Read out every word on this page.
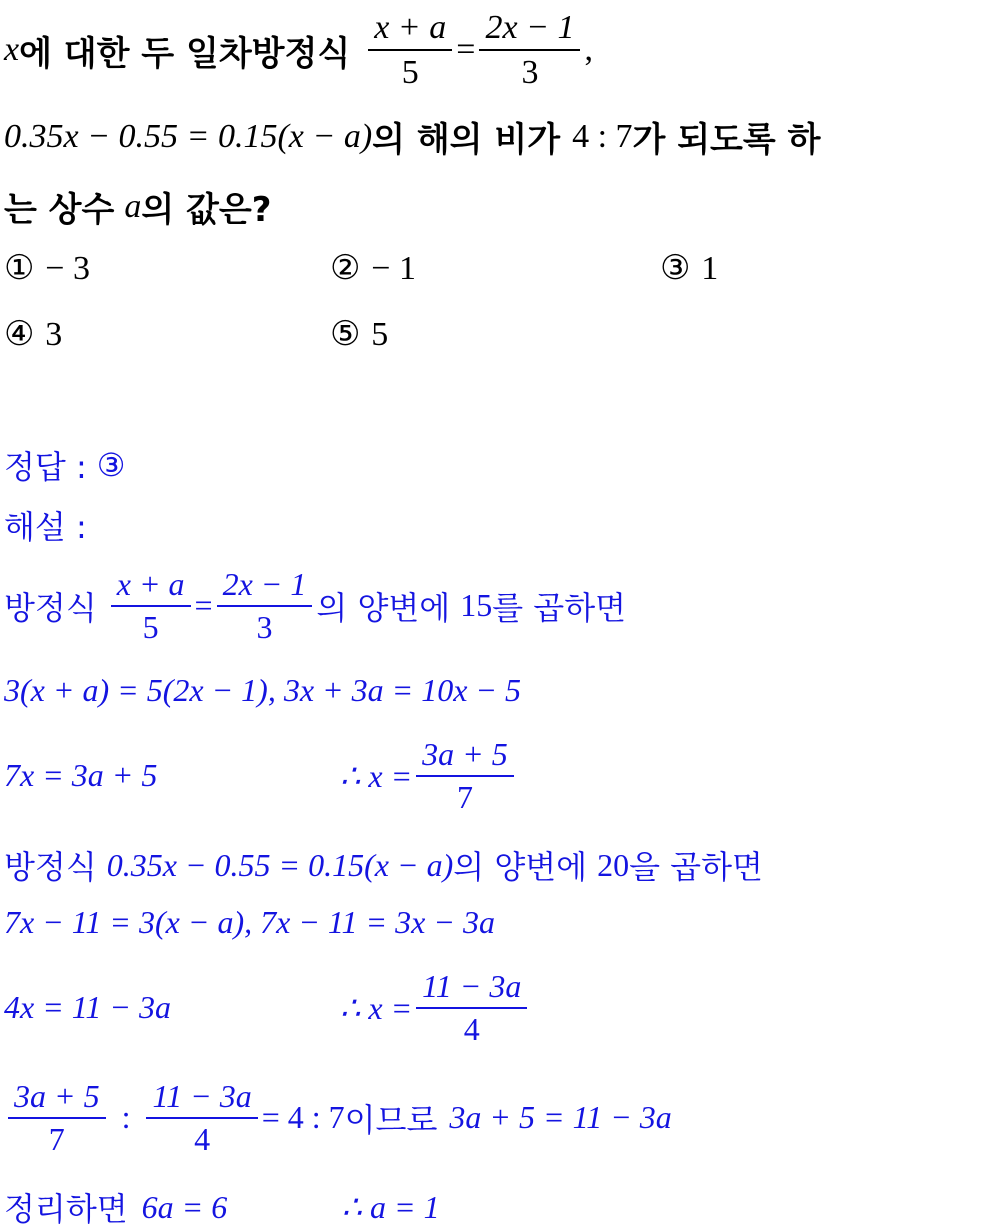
x 에 대한 두 일차방정식 $\frac{x + a}{5} = \frac{2x - 1}{3}$ ,
0.35x − 0.55 = 0.15(x − a) 의 해의 비가 4 : 7 가 되도록 하
는 상수 a 의 값은?
① − 3	② − 1	③ 1
④ 3	⑤ 5
정답 : ③
해설 :
방정식 $\frac{x + a}{5} = \frac{2x - 1}{3}$ 의 양변에 15 를 곱하면
3(x + a) = 5(2x − 1), 3x + 3a = 10x − 5
7x = 3a + 5	∴ $x = \frac{3a + 5}{7}$
방정식 0.35x − 0.55 = 0.15(x − a) 의 양변에 20 을 곱하면
7x − 11 = 3(x − a), 7x − 11 = 3x − 3a
4x = 11 − 3a	∴ $x = \frac{11 - 3a}{4}$
$\frac{3a + 5}{7}$ : $\frac{11 - 3a}{4} = 4$ : 7 이므로 3a + 5 = 11 − 3a
정리하면 6a = 6	∴ a = 1
